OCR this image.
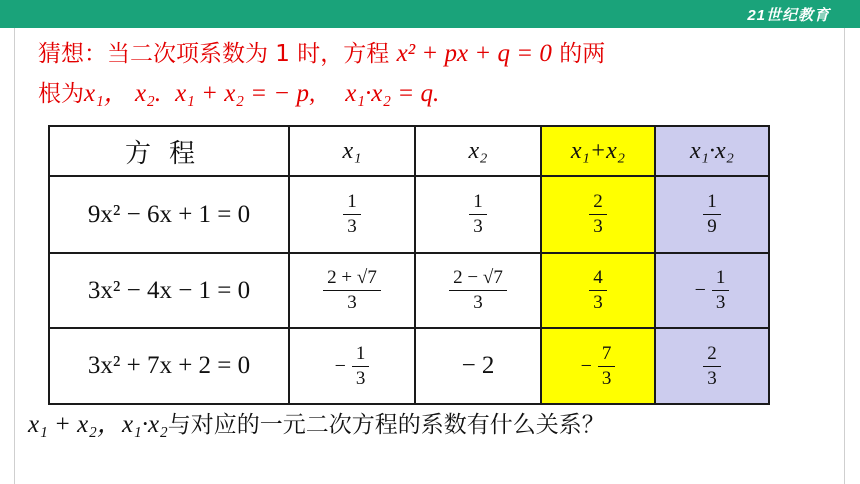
21世纪教育
猜想：当二次项系数为 1 时，方程 x² + px + q = 0 的两
根为x₁， x₂. x₁ + x₂ = − p, x₁·x₂ = q.
方程	x₁	x₂	x₁+x₂	x₁·x₂
9x² − 6x + 1 = 0	$\frac{1}{3}$	$\frac{1}{3}$	$\frac{2}{3}$	$\frac{1}{9}$

3x² − 4x − 1 = 0	$\frac{2 + √7}{3}$	$\frac{2 - √7}{3}$	$\frac{4}{3}$	− $\frac{1}{3}$

3x² + 7x + 2 = 0	− $\frac{1}{3}$	− 2	− $\frac{7}{3}$	$\frac{2}{3}$
x₁ + x₂，x₁·x₂与对应的一元二次方程的系数有什么关系？
